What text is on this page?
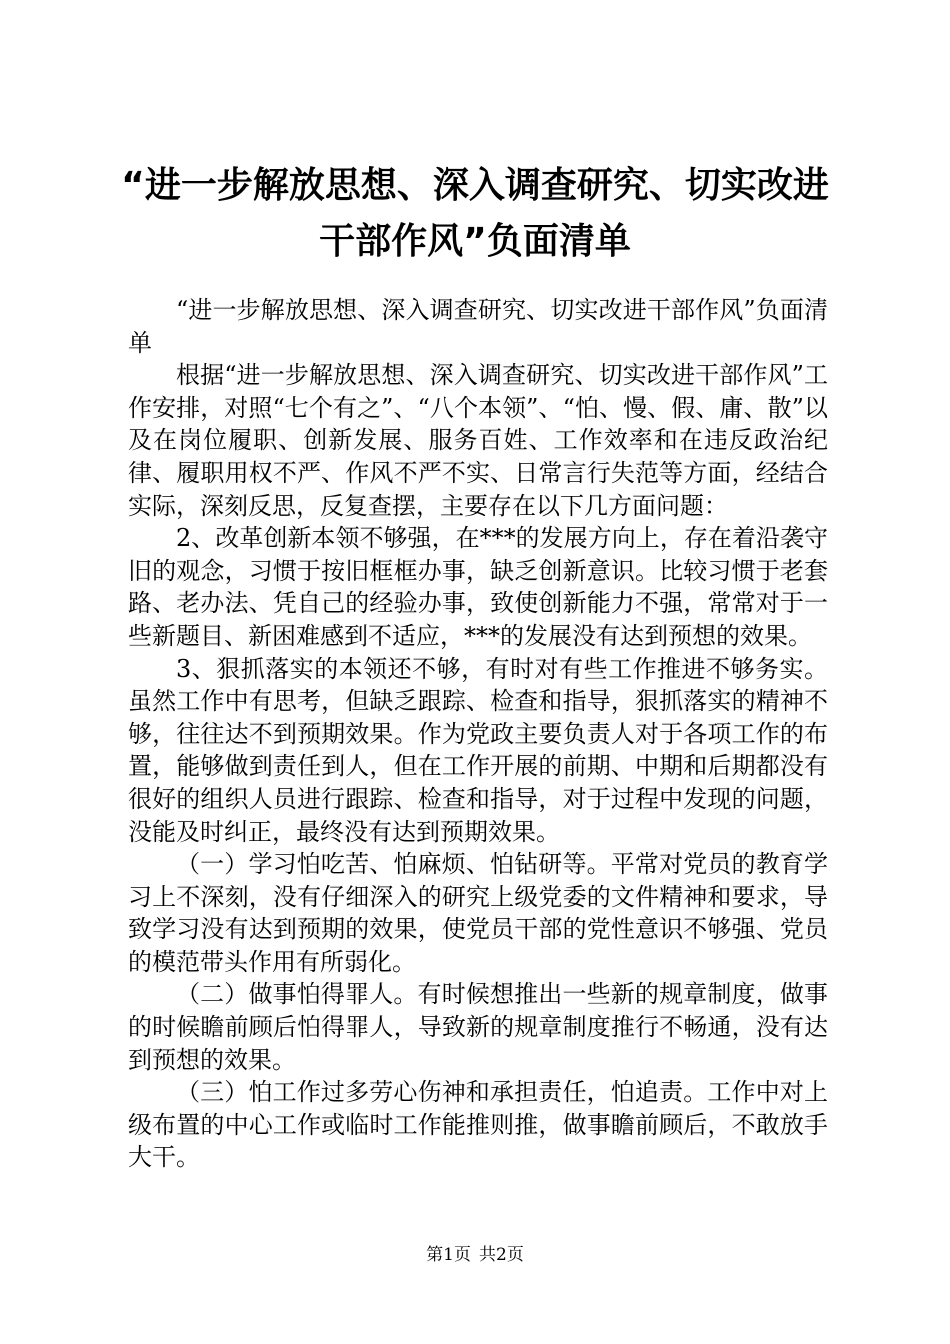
“进一步解放思想、深入调查研究、切实改进
干部作风”负面清单

“进一步解放思想、深入调查研究、切实改进干部作风”负面清单

根据“进一步解放思想、深入调查研究、切实改进干部作风”工作安排，对照“七个有之”、“八个本领”、“怕、慢、假、庸、散”以及在岗位履职、创新发展、服务百姓、工作效率和在违反政治纪律、履职用权不严、作风不严不实、日常言行失范等方面，经结合实际，深刻反思，反复查摆，主要存在以下几方面问题：

2、改革创新本领不够强，在***的发展方向上，存在着沿袭守旧的观念，习惯于按旧框框办事，缺乏创新意识。比较习惯于老套路、老办法、凭自己的经验办事，致使创新能力不强，常常对于一些新题目、新困难感到不适应，***的发展没有达到预想的效果。

3、狠抓落实的本领还不够，有时对有些工作推进不够务实。虽然工作中有思考，但缺乏跟踪、检查和指导，狠抓落实的精神不够，往往达不到预期效果。作为党政主要负责人对于各项工作的布置，能够做到责任到人，但在工作开展的前期、中期和后期都没有很好的组织人员进行跟踪、检查和指导，对于过程中发现的问题，没能及时纠正，最终没有达到预期效果。

（一）学习怕吃苦、怕麻烦、怕钻研等。平常对党员的教育学习上不深刻，没有仔细深入的研究上级党委的文件精神和要求，导致学习没有达到预期的效果，使党员干部的党性意识不够强、党员的模范带头作用有所弱化。

（二）做事怕得罪人。有时候想推出一些新的规章制度，做事的时候瞻前顾后怕得罪人，导致新的规章制度推行不畅通，没有达到预想的效果。

（三）怕工作过多劳心伤神和承担责任，怕追责。工作中对上级布置的中心工作或临时工作能推则推，做事瞻前顾后，不敢放手大干。

第1页 共2页
